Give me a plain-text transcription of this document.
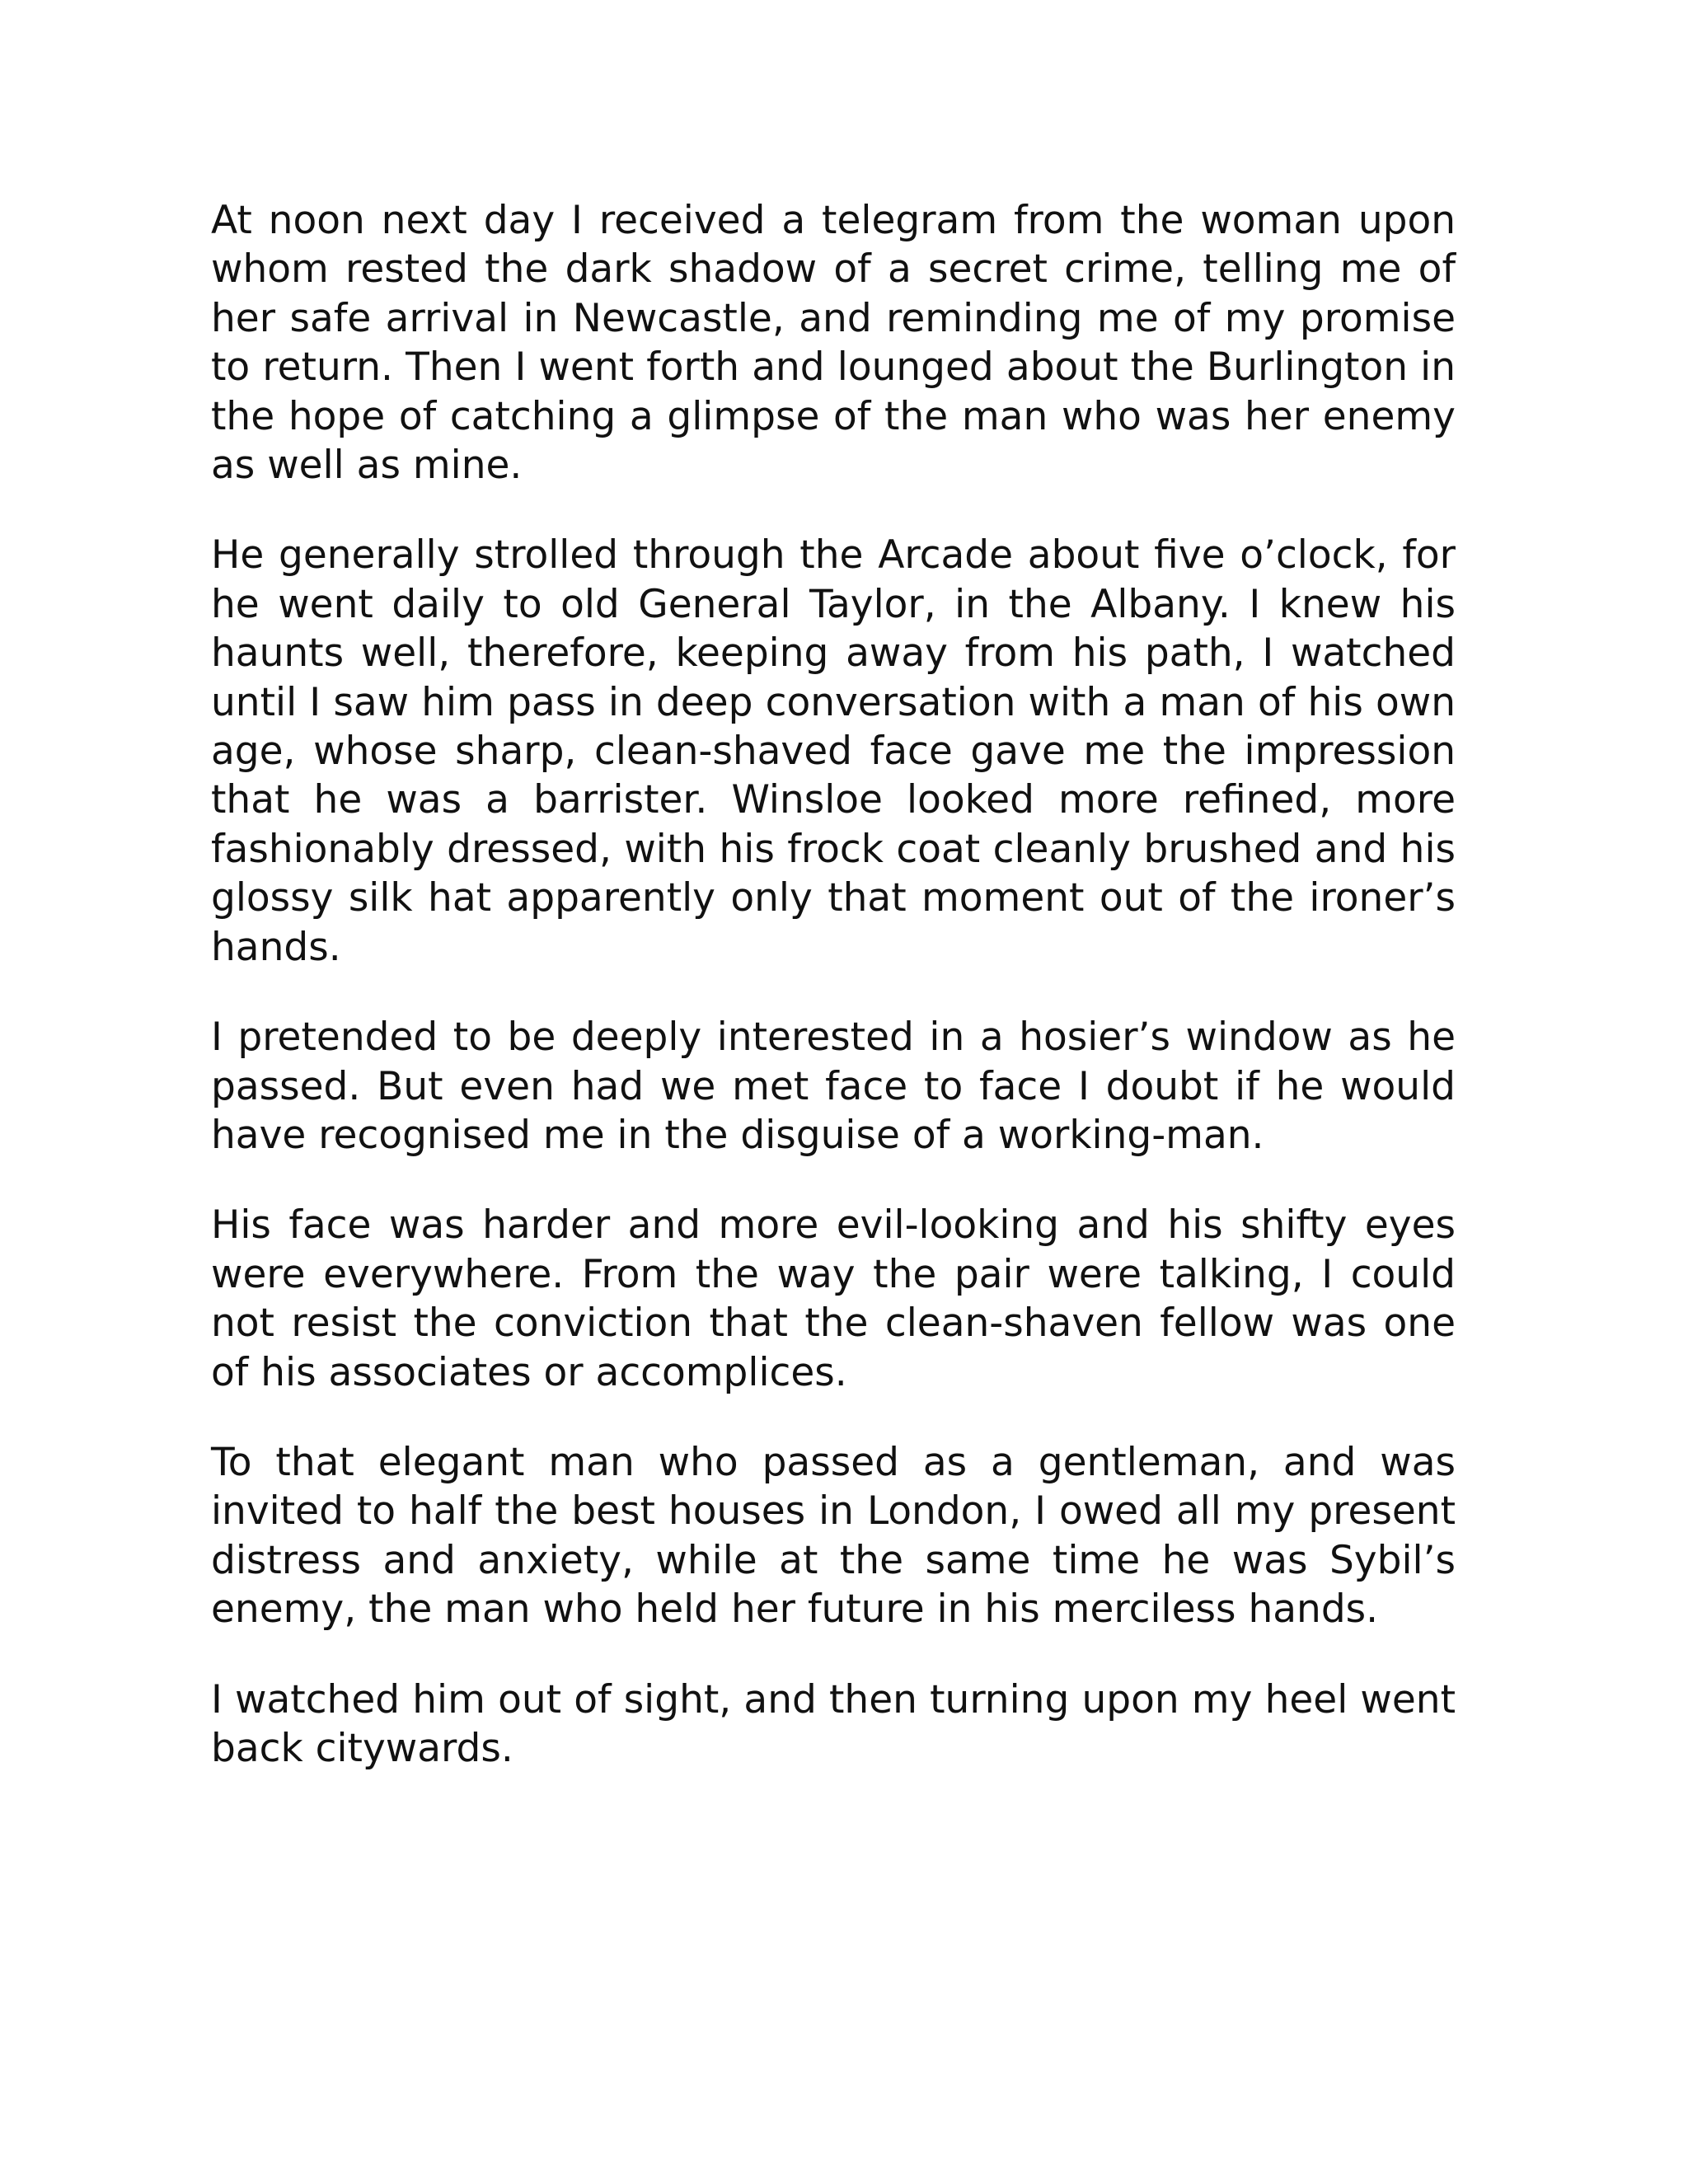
At noon next day I received a telegram from the woman upon whom rested the dark shadow of a secret crime, telling me of her safe arrival in Newcastle, and reminding me of my promise to return. Then I went forth and lounged about the Burlington in the hope of catching a glimpse of the man who was her enemy as well as mine.

He generally strolled through the Arcade about five o’clock, for he went daily to old General Taylor, in the Albany. I knew his haunts well, therefore, keeping away from his path, I watched until I saw him pass in deep conversation with a man of his own age, whose sharp, clean-shaved face gave me the impression that he was a barrister. Winsloe looked more refined, more fashionably dressed, with his frock coat cleanly brushed and his glossy silk hat apparently only that moment out of the ironer’s hands.

I pretended to be deeply interested in a hosier’s window as he passed. But even had we met face to face I doubt if he would have recognised me in the disguise of a working-man.

His face was harder and more evil-looking and his shifty eyes were everywhere. From the way the pair were talking, I could not resist the conviction that the clean-shaven fellow was one of his associates or accomplices.

To that elegant man who passed as a gentleman, and was invited to half the best houses in London, I owed all my present distress and anxiety, while at the same time he was Sybil’s enemy, the man who held her future in his merciless hands.

I watched him out of sight, and then turning upon my heel went back citywards.
